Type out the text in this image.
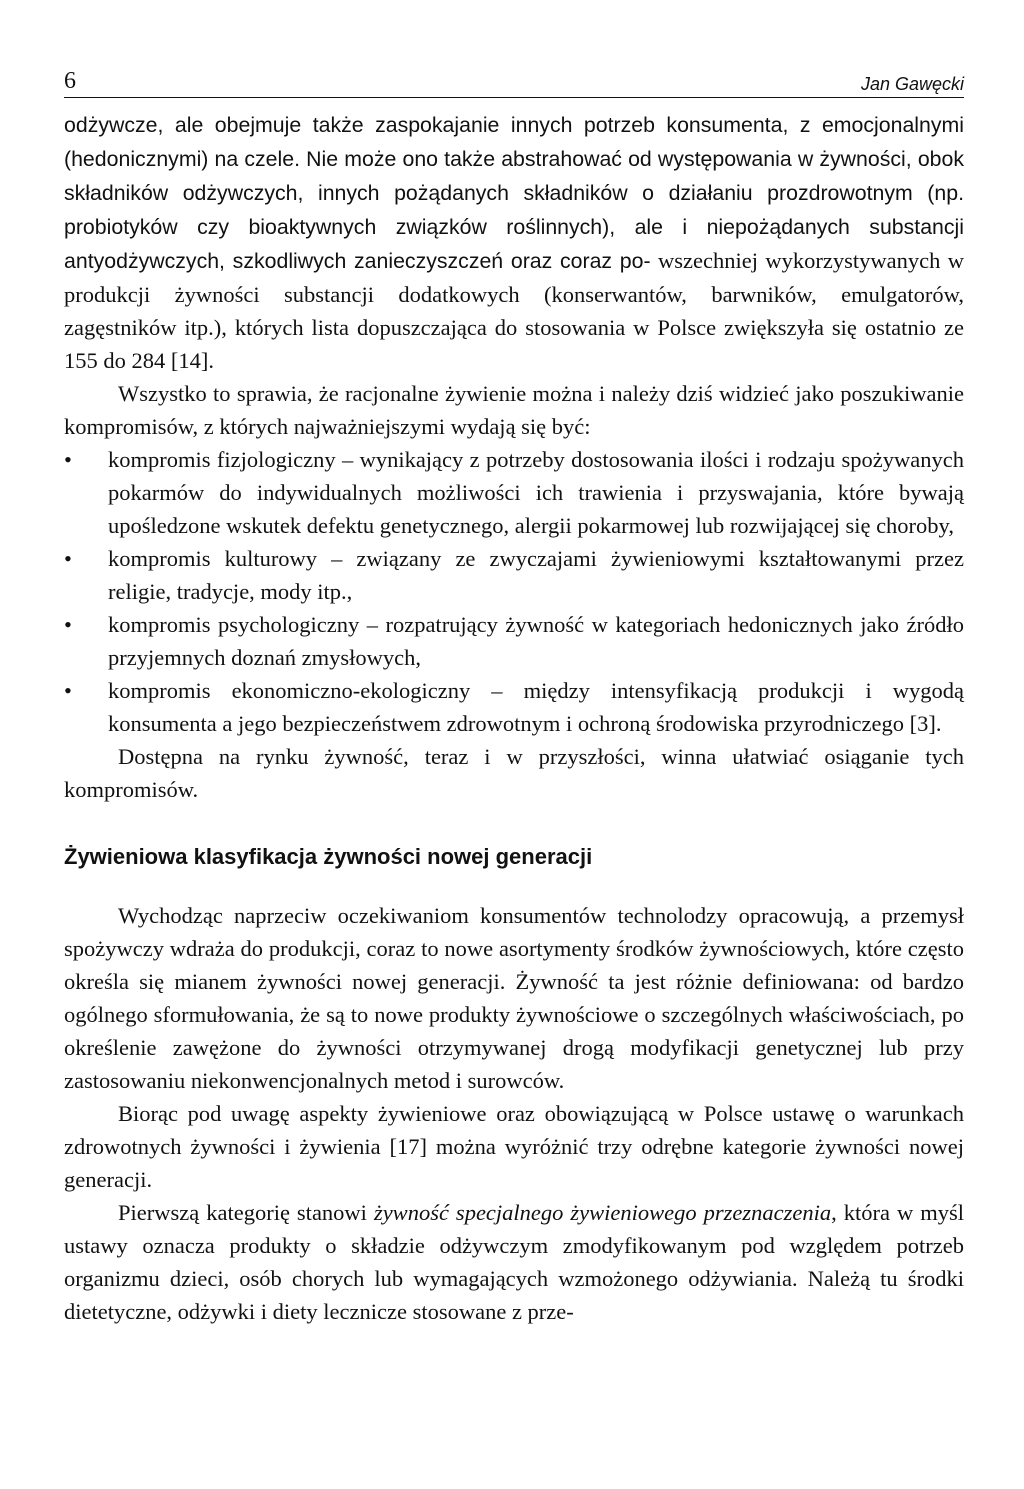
6	Jan Gawęcki

odżywcze, ale obejmuje także zaspokajanie innych potrzeb konsumenta, z emocjonalnymi (hedonicznymi) na czele. Nie może ono także abstrahować od występowania w żywności, obok składników odżywczych, innych pożądanych składników o działaniu prozdrowotnym (np. probiotyków czy bioaktywnych związków roślinnych), ale i niepożądanych substancji antyodżywczych, szkodliwych zanieczyszczeń oraz coraz po- wszechniej wykorzystywanych w produkcji żywności substancji dodatkowych (konserwantów, barwników, emulgatorów, zagęstników itp.), których lista dopuszczająca do stosowania w Polsce zwiększyła się ostatnio ze 155 do 284 [14].

Wszystko to sprawia, że racjonalne żywienie można i należy dziś widzieć jako poszukiwanie kompromisów, z których najważniejszymi wydają się być:

• kompromis fizjologiczny – wynikający z potrzeby dostosowania ilości i rodzaju spożywanych pokarmów do indywidualnych możliwości ich trawienia i przyswajania, które bywają upośledzone wskutek defektu genetycznego, alergii pokarmowej lub rozwijającej się choroby,
• kompromis kulturowy – związany ze zwyczajami żywieniowymi kształtowanymi przez religie, tradycje, mody itp.,
• kompromis psychologiczny – rozpatrujący żywność w kategoriach hedonicznych jako źródło przyjemnych doznań zmysłowych,
• kompromis ekonomiczno-ekologiczny – między intensyfikacją produkcji i wygodą konsumenta a jego bezpieczeństwem zdrowotnym i ochroną środowiska przyrodniczego [3].

Dostępna na rynku żywność, teraz i w przyszłości, winna ułatwiać osiąganie tych kompromisów.

Żywieniowa klasyfikacja żywności nowej generacji

Wychodząc naprzeciw oczekiwaniom konsumentów technolodzy opracowują, a przemysł spożywczy wdraża do produkcji, coraz to nowe asortymenty środków żywnościowych, które często określa się mianem żywności nowej generacji. Żywność ta jest różnie definiowana: od bardzo ogólnego sformułowania, że są to nowe produkty żywnościowe o szczególnych właściwościach, po określenie zawężone do żywności otrzymywanej drogą modyfikacji genetycznej lub przy zastosowaniu niekonwencjonalnych metod i surowców.

Biorąc pod uwagę aspekty żywieniowe oraz obowiązującą w Polsce ustawę o warunkach zdrowotnych żywności i żywienia [17] można wyróżnić trzy odrębne kategorie żywności nowej generacji.

Pierwszą kategorię stanowi żywność specjalnego żywieniowego przeznaczenia, która w myśl ustawy oznacza produkty o składzie odżywczym zmodyfikowanym pod względem potrzeb organizmu dzieci, osób chorych lub wymagających wzmożonego odżywiania. Należą tu środki dietetyczne, odżywki i diety lecznicze stosowane z prze-
